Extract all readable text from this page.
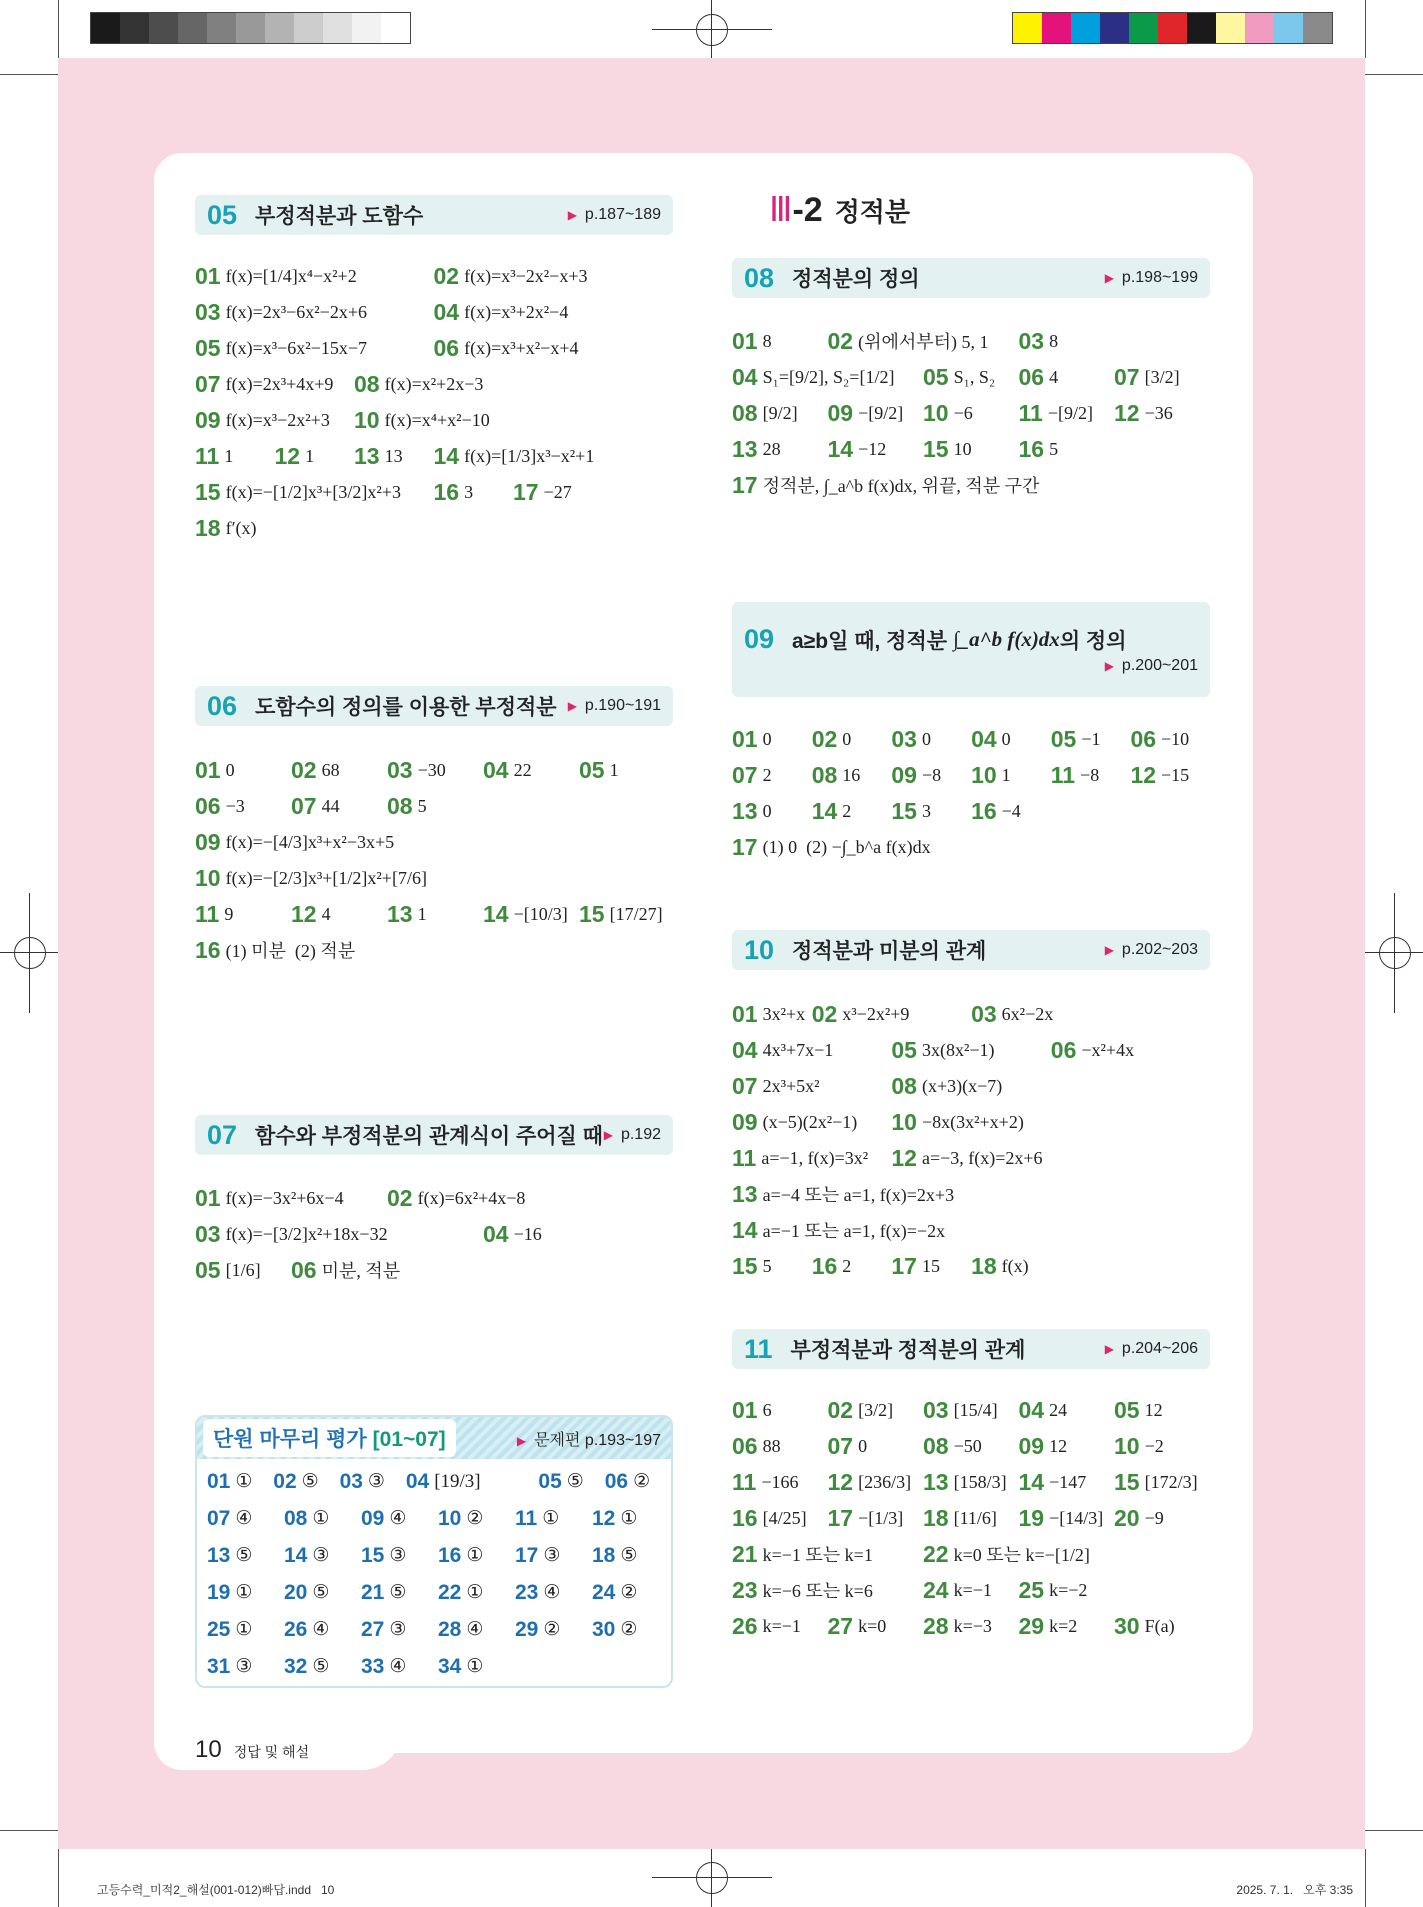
Ⅲ -2 정적분
05 부정적분과 도함수	▶ p.187~189
01 f(x)=[1/4]x⁴−x²+2	02 f(x)=x³−2x²−x+3
03 f(x)=2x³−6x²−2x+6	04 f(x)=x³+2x²−4
05 f(x)=x³−6x²−15x−7	06 f(x)=x³+x²−x+4
07 f(x)=2x³+4x+9 08 f(x)=x²+2x−3
09 f(x)=x³−2x²+3 10 f(x)=x⁴+x²−10
11 1 12 1 13 13 14 f(x)=[1/3]x³−x²+1
15 f(x)=−[1/2]x³+[3/2]x²+3 16 3 17 −27
18 f′(x)
06 도함수의 정의를 이용한 부정적분 ▶ p.190~191
01 0 02 68 03 −30 04 22 05 1
06 −3 07 44 08 5
09 f(x)=−[4/3]x³+x²−3x+5
10 f(x)=−[2/3]x³+[1/2]x²+[7/6]
11 9	12 4 13 1 14 −[10/3] 15 [17/27]
16 (1) 미분  (2) 적분
07 함수와 부정적분의 관계식이 주어질 때 ▶ p.192
01 f(x)=−3x²+6x−4 02 f(x)=6x²+4x−8
03 f(x)=−[3/2]x²+18x−32	04 −16
05 [1/6] 06 미분, 적분
단원 마무리 평가 [01~07]	▶ 문제편 p.193~197
01 ① 02 ⑤ 03 ③ 04 [19/3]	05 ⑤ 06 ②
07 ④ 08 ① 09 ④ 10 ② 11 ① 12 ①
13 ⑤ 14 ③ 15 ③ 16 ① 17 ③ 18 ⑤
19 ① 20 ⑤ 21 ⑤ 22 ① 23 ④ 24 ②
25 ① 26 ④ 27 ③ 28 ④ 29 ② 30 ②
31 ③ 32 ⑤ 33 ④ 34 ①
08 정적분의 정의	▶ p.198~199
01 8 02 (위에서부터) 5, 1 03 8
04 S₁=[9/2], S₂=[1/2] 05 S₁, S₂ 06 4 07 [3/2]
08 [9/2] 09 −[9/2] 10 −6 11 −[9/2] 12 −36
13 28 14 −12 15 10 16 5
17 정적분, ∫_a^b f(x)dx, 위끝, 적분 구간
09 a≥b일 때, 정적분 ∫_a^b f(x)dx 의 정의
▶ p.200~201
01 0 02 0 03 0 04 0 05 −1 06 −10
07 2 08 16 09 −8 10 1 11 −8 12 −15
13 0 14 2 15 3 16 −4
17 (1) 0  (2) −∫_b^a f(x)dx
10 정적분과 미분의 관계	▶ p.202~203
01 3x²+x 02 x³−2x²+9	03 6x²−2x
04 4x³+7x−1	05 3x(8x²−1) 06 −x²+4x
07 2x³+5x²	08 (x+3)(x−7)
09 (x−5)(2x²−1) 10 −8x(3x²+x+2)
11 a=−1, f(x)=3x² 12 a=−3, f(x)=2x+6
13 a=−4 또는 a=1, f(x)=2x+3
14 a=−1 또는 a=1, f(x)=−2x
15 5 16 2 17 15 18 f(x)
11 부정적분과 정적분의 관계	▶ p.204~206
01 6 02 [3/2] 03 [15/4] 04 24 05 12
06 88 07 0 08 −50 09 12 10 −2
11 −166 12 [236/3] 13 [158/3] 14 −147 15 [172/3]
16 [4/25] 17 −[1/3] 18 [11/6] 19 −[14/3] 20 −9
21 k=−1 또는 k=1 22 k=0 또는 k=−[1/2]
23 k=−6 또는 k=6 24 k=−1 25 k=−2
26 k=−1 27 k=0 28 k=−3 29 k=2 30 F(a)
10 정답 및 해설
고등수력_미적2_해설(001-012)빠답.indd   10	2025. 7. 1.   오후 3:35
